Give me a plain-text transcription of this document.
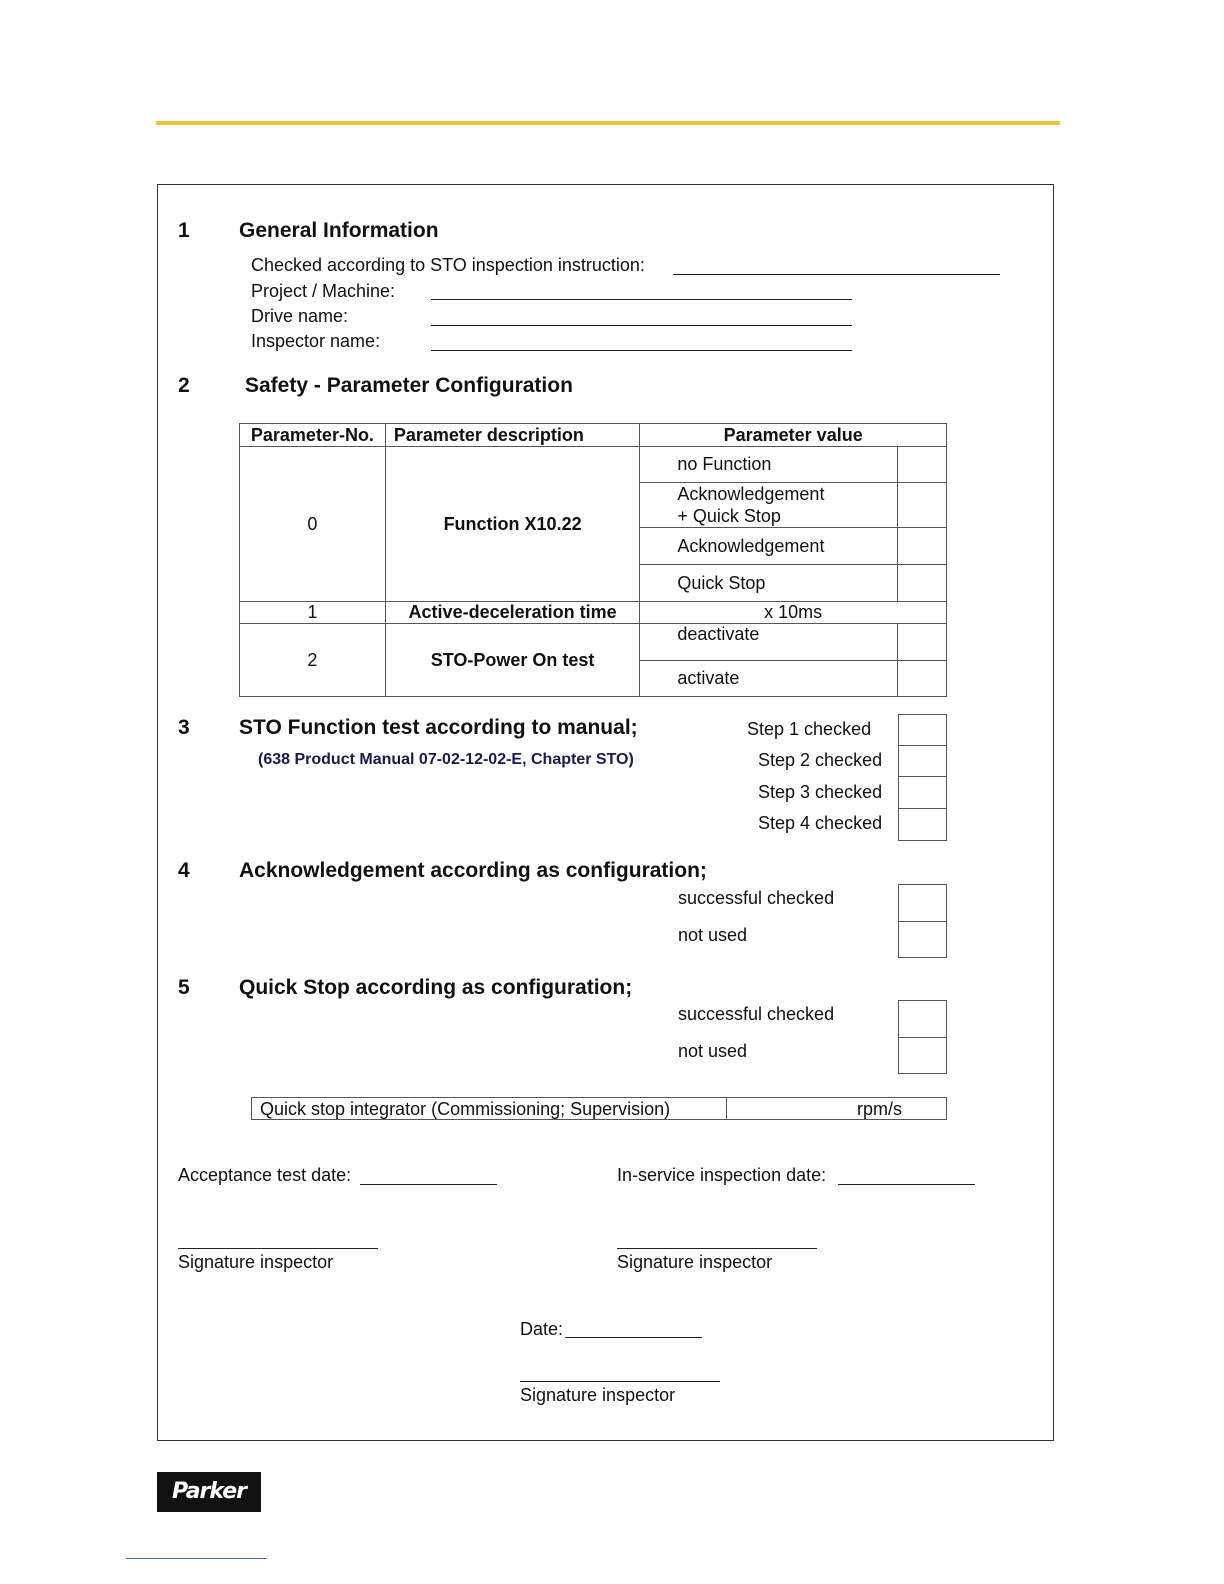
1 General Information
Checked according to STO inspection instruction:
Project / Machine:
Drive name:
Inspector name:
2	Safety - Parameter Configuration
Parameter-No.	Parameter description	Parameter value	
0	Function X10.22	no Function	
		Acknowledgement
+ Quick Stop	
		Acknowledgement	
		Quick Stop	
1	Active-deceleration time	x 10ms	
2	STO-Power On test	deactivate	
		activate	
3 STO Function test according to manual;
(638 Product Manual 07-02-12-02-E, Chapter STO)
Step 1 checked
Step 2 checked
Step 3 checked
Step 4 checked
4 Acknowledgement according as configuration;
successful checked
not used
5 Quick Stop according as configuration;
successful checked
not used
Quick stop integrator (Commissioning; Supervision)	rpm/s
Acceptance test date:	In-service inspection date:
Signature inspector	Signature inspector
Date:
Signature inspector
Parker
